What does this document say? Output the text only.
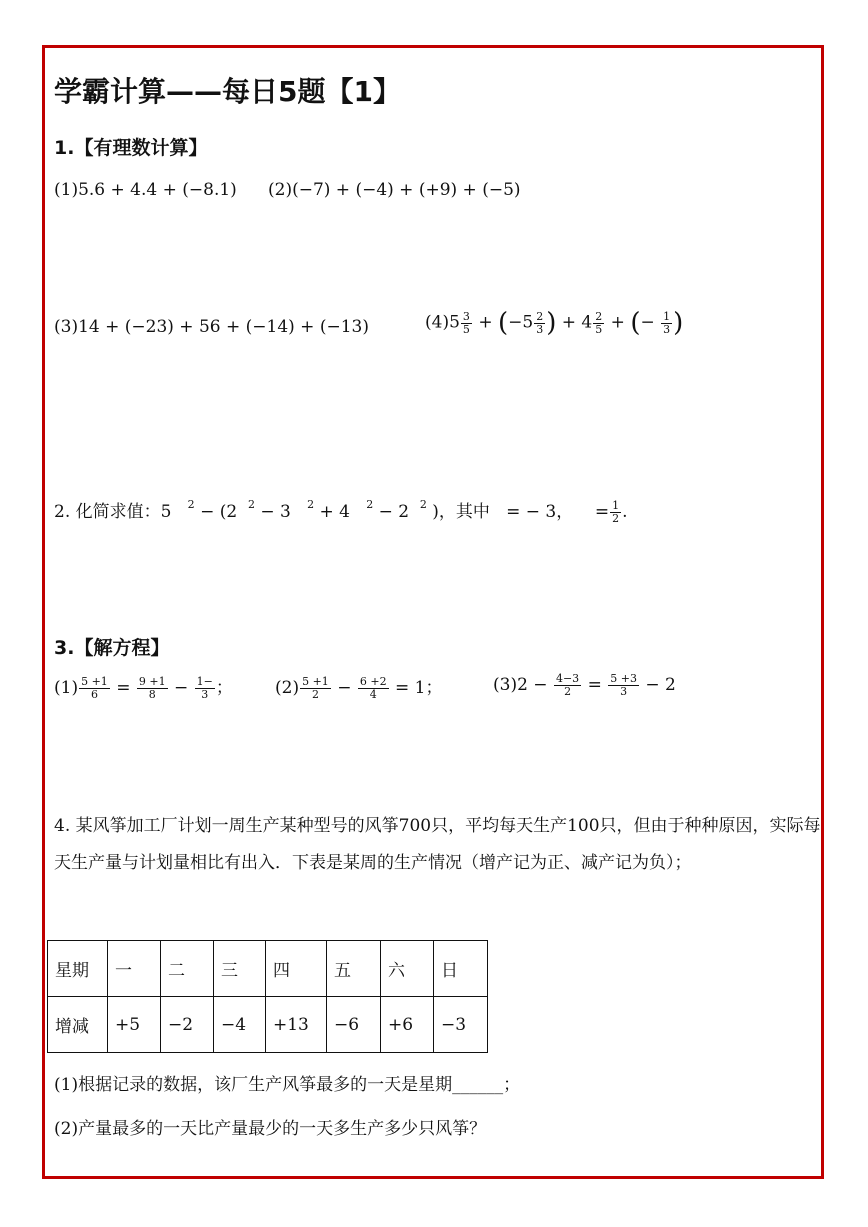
学霸计算——每日5题【1】
1.【有理数计算】
(1)5.6 + 4.4 + (−8.1) (2)(−7) + (−4) + (+9) + (−5)
(3)14 + (−23) + 56 + (−14) + (−13)	$(4)5 \frac{3}{5} + (-5 \frac{2}{3}$ ) + $4 \frac{2}{5}$ + (− $\frac{1}{3}$ )
2. 化简求值：5 $^2$ − (2 $^2$ − 3 $^2$ + 4 $^2$ − 2 $^2$ )，其中 = − 3， = $\frac{1}{2}$ .
3.【解方程】
$(1) \frac{5 +1}{6} = \frac{9 +1}{8} - \frac{1-}{3}$ ； $(2) \frac{5 +1}{2} - \frac{6 +2}{4} = 1$；	$(3)2 - \frac{4-3}{2} = \frac{5 +3}{3} - 2$
4. 某风筝加工厂计划一周生产某种型号的风筝700只，平均每天生产100只，但由于种种原因，实际每天生产量与计划量相比有出入．下表是某周的生产情况（增产记为正、减产记为负）；
星期	一	二	三	四	五	六	日
增减	+5	−2	−4	+13	−6	+6	−3
(1)根据记录的数据，该厂生产风筝最多的一天是星期______；
(2)产量最多的一天比产量最少的一天多生产多少只风筝？
